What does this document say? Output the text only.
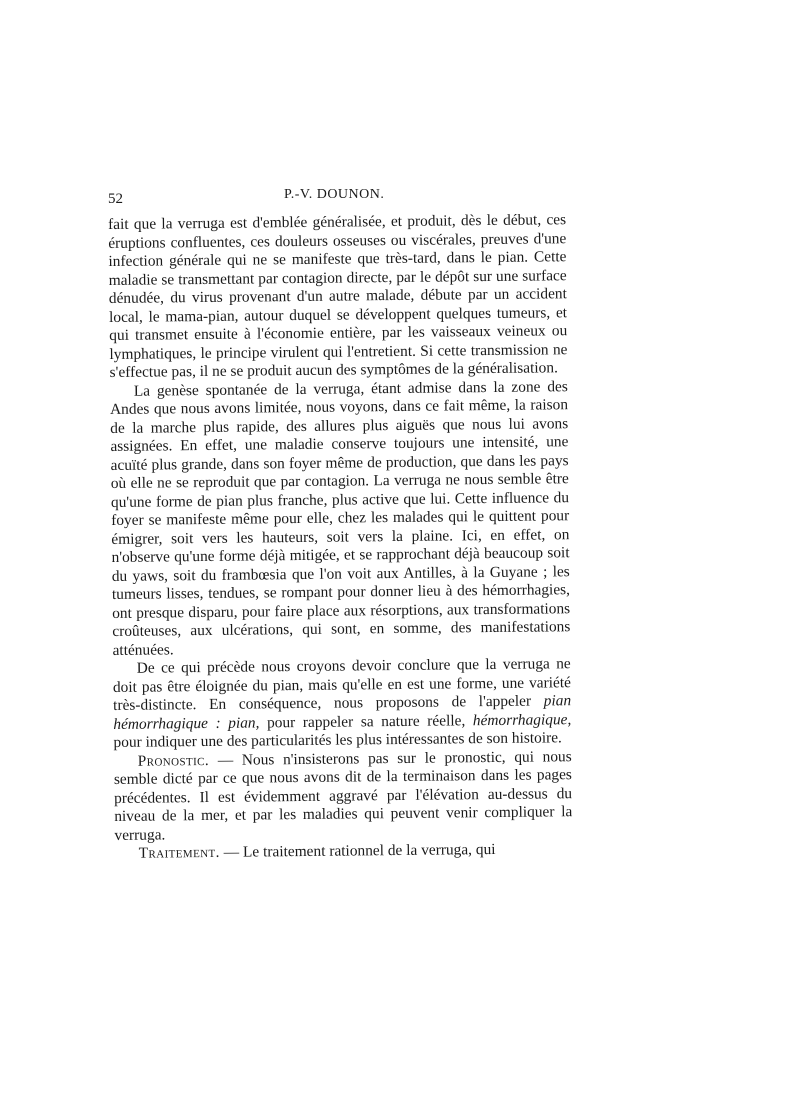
52	P.-V. DOUNON.

fait que la verruga est d'emblée généralisée, et produit, dès le début, ces éruptions confluentes, ces douleurs osseuses ou viscérales, preuves d'une infection générale qui ne se manifeste que très-tard, dans le pian. Cette maladie se transmettant par contagion directe, par le dépôt sur une surface dénudée, du virus provenant d'un autre malade, débute par un accident local, le mama-pian, autour duquel se développent quelques tumeurs, et qui transmet ensuite à l'économie entière, par les vaisseaux veineux ou lymphatiques, le principe virulent qui l'entretient. Si cette transmission ne s'effectue pas, il ne se produit aucun des symptômes de la généralisation.

La genèse spontanée de la verruga, étant admise dans la zone des Andes que nous avons limitée, nous voyons, dans ce fait même, la raison de la marche plus rapide, des allures plus aiguës que nous lui avons assignées. En effet, une maladie conserve toujours une intensité, une acuïté plus grande, dans son foyer même de production, que dans les pays où elle ne se reproduit que par contagion. La verruga ne nous semble être qu'une forme de pian plus franche, plus active que lui. Cette influence du foyer se manifeste même pour elle, chez les malades qui le quittent pour émigrer, soit vers les hauteurs, soit vers la plaine. Ici, en effet, on n'observe qu'une forme déjà mitigée, et se rapprochant déjà beaucoup soit du yaws, soit du frambœsia que l'on voit aux Antilles, à la Guyane ; les tumeurs lisses, tendues, se rompant pour donner lieu à des hémorrhagies, ont presque disparu, pour faire place aux résorptions, aux transformations croûteuses, aux ulcérations, qui sont, en somme, des manifestations atténuées.

De ce qui précède nous croyons devoir conclure que la verruga ne doit pas être éloignée du pian, mais qu'elle en est une forme, une variété très-distincte. En conséquence, nous proposons de l'appeler pian hémorrhagique : pian, pour rappeler sa nature réelle, hémorrhagique, pour indiquer une des particularités les plus intéressantes de son histoire.

Pronostic. — Nous n'insisterons pas sur le pronostic, qui nous semble dicté par ce que nous avons dit de la terminaison dans les pages précédentes. Il est évidemment aggravé par l'élévation au-dessus du niveau de la mer, et par les maladies qui peuvent venir compliquer la verruga.

Traitement. — Le traitement rationnel de la verruga, qui
